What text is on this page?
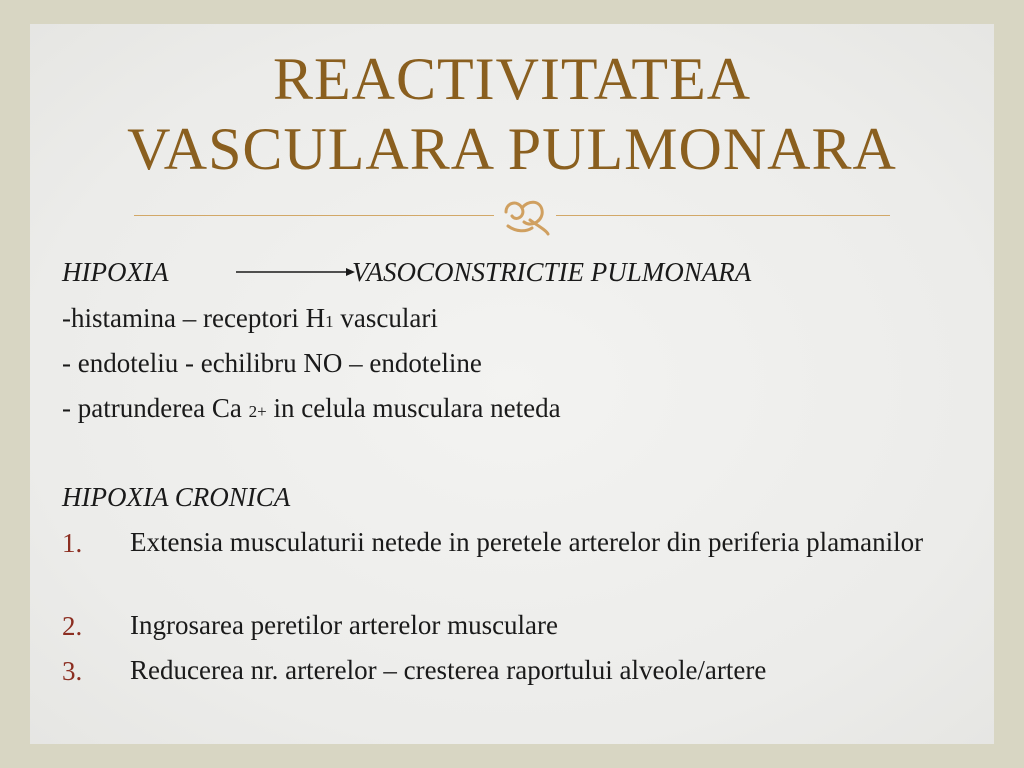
REACTIVITATEA
VASCULARA PULMONARA
HIPOXIA	VASOCONSTRICTIE PULMONARA
-histamina – receptori H1 vasculari
- endoteliu - echilibru NO – endoteline
- patrunderea Ca 2+ in celula musculara neteda
HIPOXIA CRONICA
1. Extensia musculaturii netede in peretele arterelor din periferia plamanilor
2. Ingrosarea peretilor arterelor musculare
3. Reducerea nr. arterelor – cresterea raportului alveole/artere
